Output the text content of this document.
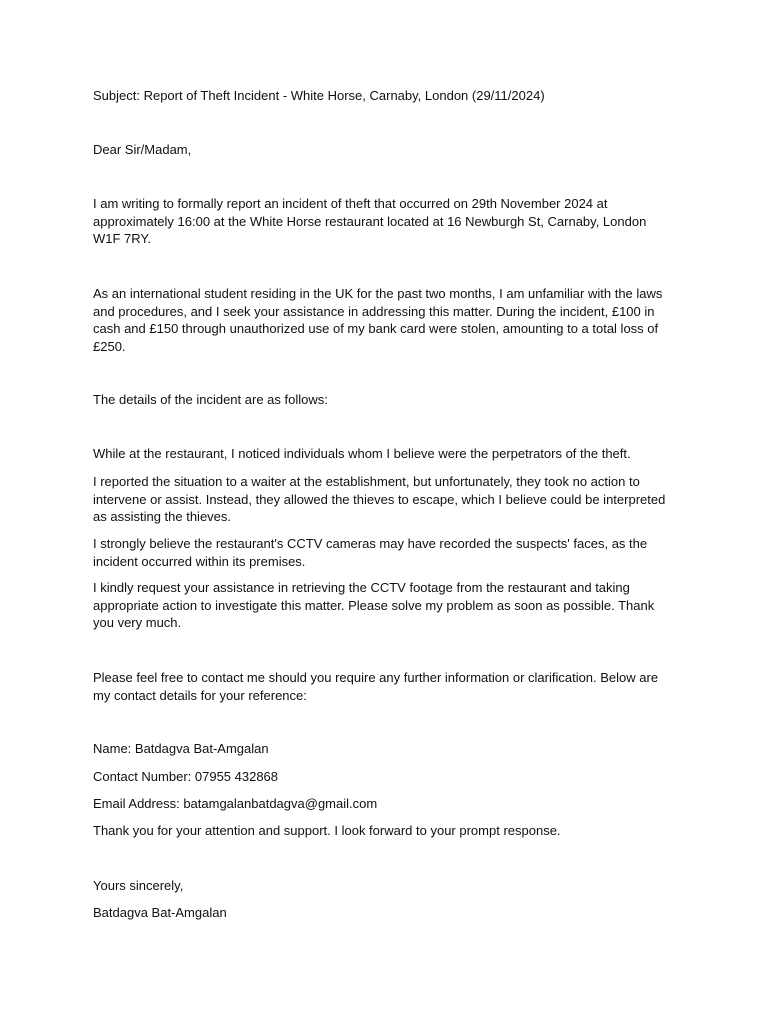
Subject: Report of Theft Incident - White Horse, Carnaby, London (29/11/2024)

Dear Sir/Madam,

I am writing to formally report an incident of theft that occurred on 29th November 2024 at approximately 16:00 at the White Horse restaurant located at 16 Newburgh St, Carnaby, London W1F 7RY.

As an international student residing in the UK for the past two months, I am unfamiliar with the laws and procedures, and I seek your assistance in addressing this matter. During the incident, £100 in cash and £150 through unauthorized use of my bank card were stolen, amounting to a total loss of £250.

The details of the incident are as follows:

While at the restaurant, I noticed individuals whom I believe were the perpetrators of the theft.

I reported the situation to a waiter at the establishment, but unfortunately, they took no action to intervene or assist. Instead, they allowed the thieves to escape, which I believe could be interpreted as assisting the thieves.

I strongly believe the restaurant's CCTV cameras may have recorded the suspects' faces, as the incident occurred within its premises.

I kindly request your assistance in retrieving the CCTV footage from the restaurant and taking appropriate action to investigate this matter. Please solve my problem as soon as possible. Thank you very much.

Please feel free to contact me should you require any further information or clarification. Below are my contact details for your reference:

Name: Batdagva Bat-Amgalan

Contact Number: 07955 432868

Email Address: batamgalanbatdagva@gmail.com

Thank you for your attention and support. I look forward to your prompt response.

Yours sincerely,

Batdagva Bat-Amgalan
